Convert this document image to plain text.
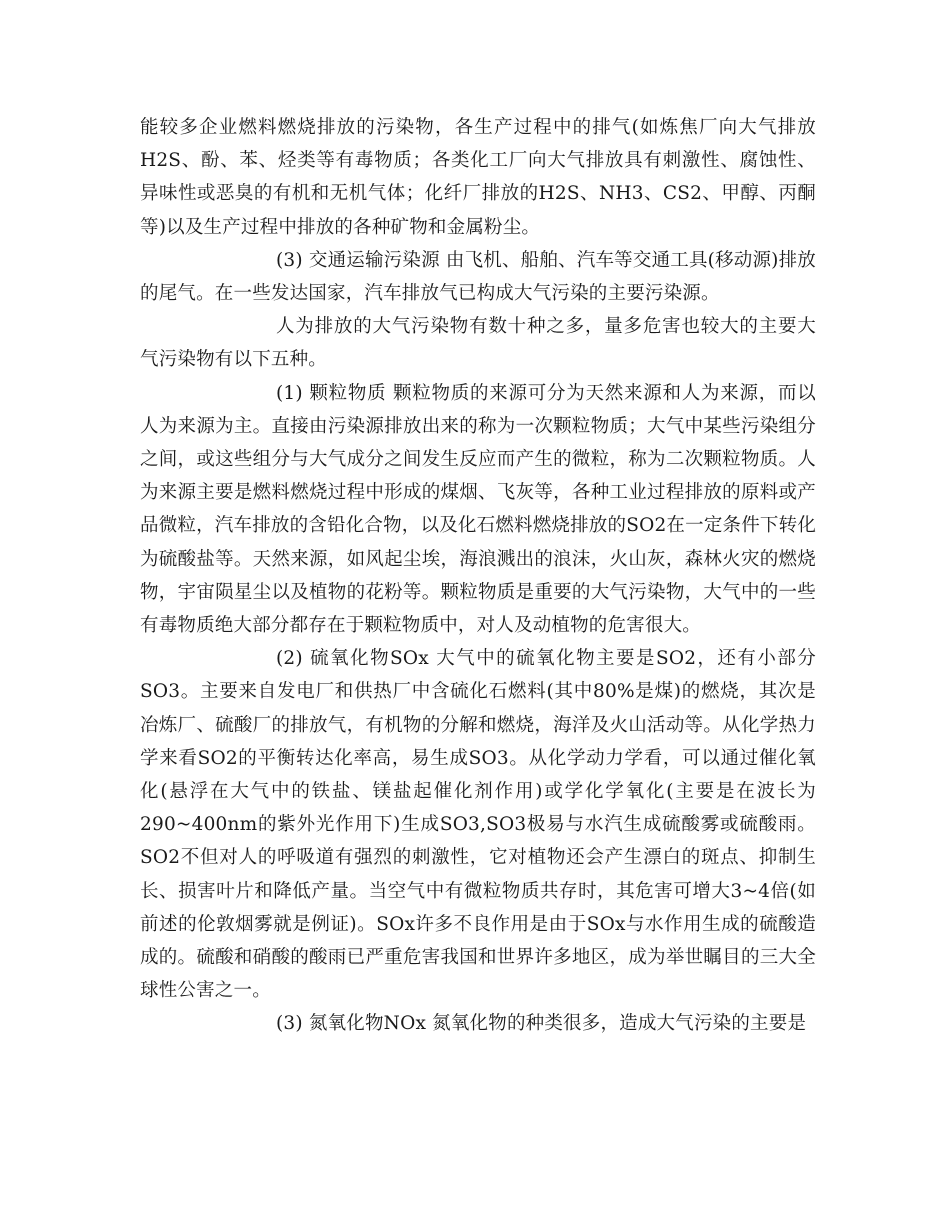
能较多企业燃料燃烧排放的污染物，各生产过程中的排气(如炼焦厂向大气排放H2S、酚、苯、烃类等有毒物质；各类化工厂向大气排放具有刺激性、腐蚀性、异味性或恶臭的有机和无机气体；化纤厂排放的H2S、NH3、CS2、甲醇、丙酮等)以及生产过程中排放的各种矿物和金属粉尘。

(3) 交通运输污染源 由飞机、船舶、汽车等交通工具(移动源)排放的尾气。在一些发达国家，汽车排放气已构成大气污染的主要污染源。

人为排放的大气污染物有数十种之多，量多危害也较大的主要大气污染物有以下五种。

(1) 颗粒物质 颗粒物质的来源可分为天然来源和人为来源，而以人为来源为主。直接由污染源排放出来的称为一次颗粒物质；大气中某些污染组分之间，或这些组分与大气成分之间发生反应而产生的微粒，称为二次颗粒物质。人为来源主要是燃料燃烧过程中形成的煤烟、飞灰等，各种工业过程排放的原料或产品微粒，汽车排放的含铅化合物，以及化石燃料燃烧排放的SO2在一定条件下转化为硫酸盐等。天然来源，如风起尘埃，海浪溅出的浪沫，火山灰，森林火灾的燃烧物，宇宙陨星尘以及植物的花粉等。颗粒物质是重要的大气污染物，大气中的一些有毒物质绝大部分都存在于颗粒物质中，对人及动植物的危害很大。

(2) 硫氧化物SOx 大气中的硫氧化物主要是SO2，还有小部分SO3。主要来自发电厂和供热厂中含硫化石燃料(其中80%是煤)的燃烧，其次是冶炼厂、硫酸厂的排放气，有机物的分解和燃烧，海洋及火山活动等。从化学热力学来看SO2的平衡转达化率高，易生成SO3。从化学动力学看，可以通过催化氧化(悬浮在大气中的铁盐、镁盐起催化剂作用)或学化学氧化(主要是在波长为290~400nm的紫外光作用下)生成SO3,SO3极易与水汽生成硫酸雾或硫酸雨。SO2不但对人的呼吸道有强烈的刺激性，它对植物还会产生漂白的斑点、抑制生长、损害叶片和降低产量。当空气中有微粒物质共存时，其危害可增大3~4倍(如前述的伦敦烟雾就是例证)。SOx许多不良作用是由于SOx与水作用生成的硫酸造成的。硫酸和硝酸的酸雨已严重危害我国和世界许多地区，成为举世瞩目的三大全球性公害之一。

(3) 氮氧化物NOx 氮氧化物的种类很多，造成大气污染的主要是
